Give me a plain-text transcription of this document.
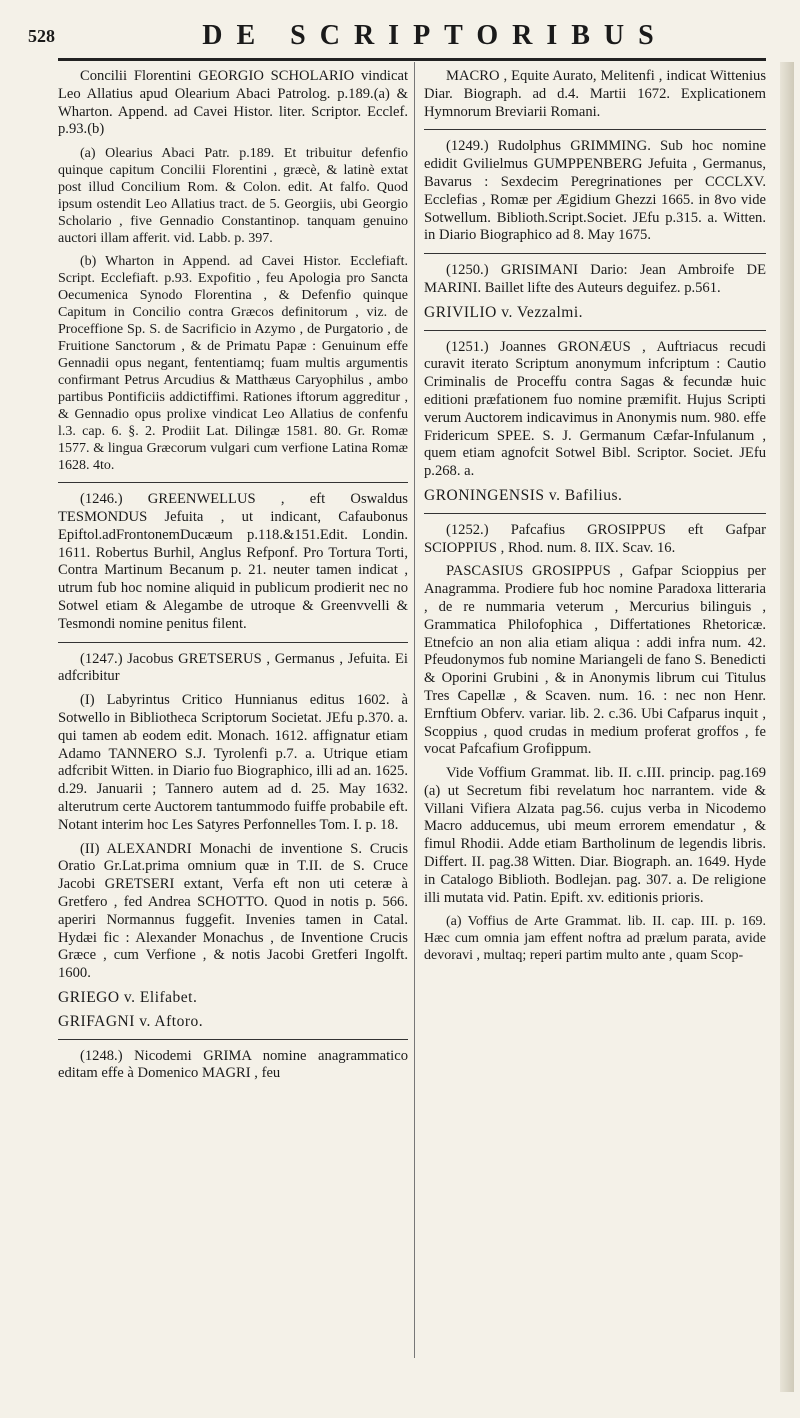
528	DE SCRIPTORIBUS

Concilii Florentini GEORGIO SCHOLARIO vindicat Leo Allatius apud Olearium Abaci Patrolog. p.189.(a) & Wharton. Append. ad Cavei Histor. liter. Scriptor. Ecclef. p.93.(b)

(a) Olearius Abaci Patr. p.189. Et tribuitur defenfio quinque capitum Concilii Florentini , græcè, & latinè extat post illud Concilium Rom. & Colon. edit. At falfo. Quod ipsum ostendit Leo Allatius tract. de 5. Georgiis, ubi Georgio Scholario , five Gennadio Constantinop. tanquam genuino auctori illam afferit. vid. Labb. p. 397.

(b) Wharton in Append. ad Cavei Histor. Ecclefiaft. Script. Ecclefiaft. p.93. Expofitio , feu Apologia pro Sancta Oecumenica Synodo Florentina , & Defenfio quinque Capitum in Concilio contra Græcos definitorum , viz. de Proceffione Sp. S. de Sacrificio in Azymo , de Purgatorio , de Fruitione Sanctorum , & de Primatu Papæ : Genuinum effe Gennadii opus negant, fententiamq; fuam multis argumentis confirmant Petrus Arcudius & Matthæus Caryophilus , ambo partibus Pontificiis addictiffimi. Rationes iftorum aggreditur , & Gennadio opus prolixe vindicat Leo Allatius de confenfu l.3. cap. 6. §. 2. Prodiit Lat. Dilingæ 1581. 80. Gr. Romæ 1577. & lingua Græcorum vulgari cum verfione Latina Romæ 1628. 4to.

(1246.) GREENWELLUS , eft Oswaldus TESMONDUS Jefuita , ut indicant, Cafaubonus Epiftol.adFrontonemDucæum p.118.&151.Edit. Londin. 1611. Robertus Burhil, Anglus Refponf. Pro Tortura Torti, Contra Martinum Becanum p. 21. neuter tamen indicat , utrum fub hoc nomine aliquid in publicum prodierit nec no Sotwel etiam & Alegambe de utroque & Greenvvelli & Tesmondi nomine penitus filent.

(1247.) Jacobus GRETSERUS , Germanus , Jefuita. Ei adfcribitur

(I) Labyrintus Critico Hunnianus editus 1602. à Sotwello in Bibliotheca Scriptorum Societat. JEfu p.370. a. qui tamen ab eodem edit. Monach. 1612. affignatur etiam Adamo TANNERO S.J. Tyrolenfi p.7. a. Utrique etiam adfcribit Witten. in Diario fuo Biographico, illi ad an. 1625. d.29. Januarii ; Tannero autem ad d. 25. May 1632. alterutrum certe Auctorem tantummodo fuiffe probabile eft. Notant interim hoc Les Satyres Perfonnelles Tom. I. p. 18.

(II) ALEXANDRI Monachi de inventione S. Crucis Oratio Gr.Lat.prima omnium quæ in T.II. de S. Cruce Jacobi GRETSERI extant, Verfa eft non uti ceteræ à Gretfero , fed Andrea SCHOTTO. Quod in notis p. 566. aperiri Normannus fuggefit. Invenies tamen in Catal. Hydæi fic : Alexander Monachus , de Inventione Crucis Græce , cum Verfione , & notis Jacobi Gretferi Ingolft. 1600.

GRIEGO v. Elifabet.

GRIFAGNI v. Aftoro.

(1248.) Nicodemi GRIMA nomine anagrammatico editam effe à Domenico MAGRI , feu

MACRO , Equite Aurato, Melitenfi , indicat Wittenius Diar. Biograph. ad d.4. Martii 1672. Explicationem Hymnorum Breviarii Romani.

(1249.) Rudolphus GRIMMING. Sub hoc nomine edidit Gvilielmus GUMPPENBERG Jefuita , Germanus, Bavarus : Sexdecim Peregrinationes per CCCLXV. Ecclefias , Romæ per Ægidium Ghezzi 1665. in 8vo vide Sotwellum. Biblioth.Script.Societ. JEfu p.315. a. Witten. in Diario Biographico ad 8. May 1675.

(1250.) GRISIMANI Dario: Jean Ambroife DE MARINI. Baillet lifte des Auteurs deguifez. p.561.

GRIVILIO v. Vezzalmi.

(1251.) Joannes GRONÆUS , Auftriacus recudi curavit iterato Scriptum anonymum infcriptum : Cautio Criminalis de Proceffu contra Sagas & fecundæ huic editioni præfationem fuo nomine præmifit. Hujus Scripti verum Auctorem indicavimus in Anonymis num. 980. effe Fridericum SPEE. S. J. Germanum Cæfar-Infulanum , quem etiam agnofcit Sotwel Bibl. Scriptor. Societ. JEfu p.268. a.

GRONINGENSIS v. Bafilius.

(1252.) Pafcafius GROSIPPUS eft Gafpar SCIOPPIUS , Rhod. num. 8. IIX. Scav. 16.

PASCASIUS GROSIPPUS , Gafpar Scioppius per Anagramma. Prodiere fub hoc nomine Paradoxa litteraria , de re nummaria veterum , Mercurius bilinguis , Grammatica Philofophica , Differtationes Rhetoricæ. Etnefcio an non alia etiam aliqua : addi infra num. 42. Pfeudonymos fub nomine Mariangeli de fano S. Benedicti & Oporini Grubini , & in Anonymis librum cui Titulus Tres Capellæ , & Scaven. num. 16. : nec non Henr. Ernftium Obferv. variar. lib. 2. c.36. Ubi Cafparus inquit , Scoppius , quod crudas in medium proferat groffos , fe vocat Pafcafium Grofippum.

Vide Voffium Grammat. lib. II. c.III. princip. pag.169 (a) ut Secretum fibi revelatum hoc narrantem. vide & Villani Vifiera Alzata pag.56. cujus verba in Nicodemo Macro adducemus, ubi meum errorem emendatur , & fimul Rhodii. Adde etiam Bartholinum de legendis libris. Differt. II. pag.38 Witten. Diar. Biograph. an. 1649. Hyde in Catalogo Biblioth. Bodlejan. pag. 307. a. De religione illi mutata vid. Patin. Epift. xv. editionis prioris.

(a) Voffius de Arte Grammat. lib. II. cap. III. p. 169. Hæc cum omnia jam effent noftra ad prælum parata, avide devoravi , multaq; reperi partim multo ante , quam Scop-
